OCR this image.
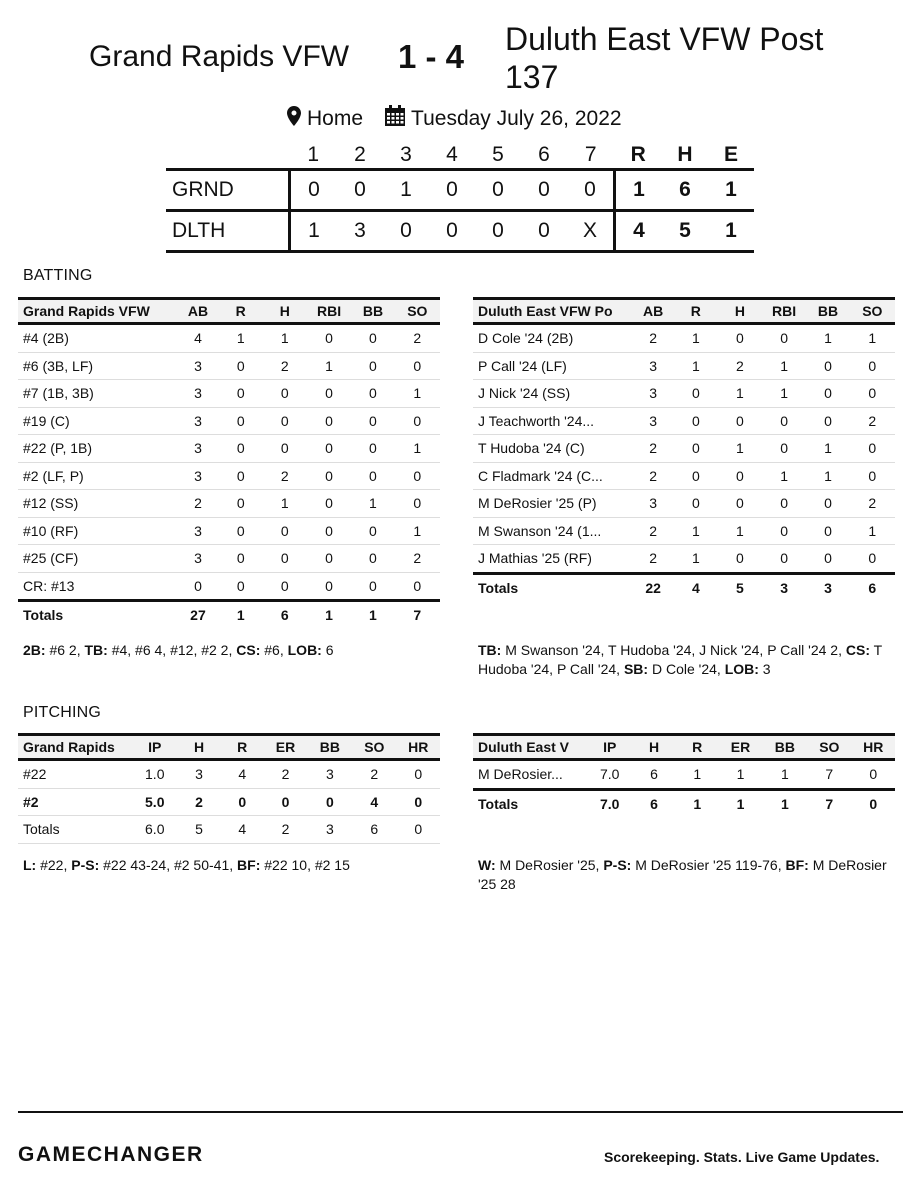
Grand Rapids VFW 1 - 4 Duluth East VFW Post 137
Home Tuesday July 26, 2022
	1	2	3	4	5	6	7	R	H	E
GRND	0	0	1	0	0	0	0	1	6	1
DLTH	1	3	0	0	0	0	X	4	5	1
BATTING
Grand Rapids VFW	AB	R	H	RBI	BB	SO
#4 (2B)	4	1	1	0	0	2
#6 (3B, LF)	3	0	2	1	0	0
#7 (1B, 3B)	3	0	0	0	0	1
#19 (C)	3	0	0	0	0	0
#22 (P, 1B)	3	0	0	0	0	1
#2 (LF, P)	3	0	2	0	0	0
#12 (SS)	2	0	1	0	1	0
#10 (RF)	3	0	0	0	0	1
#25 (CF)	3	0	0	0	0	2
CR: #13	0	0	0	0	0	0
Totals	27	1	6	1	1	7
Duluth East VFW Po	AB	R	H	RBI	BB	SO
D Cole '24 (2B)	2	1	0	0	1	1
P Call '24 (LF)	3	1	2	1	0	0
J Nick '24 (SS)	3	0	1	1	0	0
J Teachworth '24...	3	0	0	0	0	2
T Hudoba '24 (C)	2	0	1	0	1	0
C Fladmark '24 (C...	2	0	0	1	1	0
M DeRosier '25 (P)	3	0	0	0	0	2
M Swanson '24 (1...	2	1	1	0	0	1
J Mathias '25 (RF)	2	1	0	0	0	0
Totals	22	4	5	3	3	6
2B: #6 2, TB: #4, #6 4, #12, #2 2, CS: #6, LOB: 6	TB: M Swanson '24, T Hudoba '24, J Nick '24, P Call '24 2, CS: T Hudoba '24, P Call '24, SB: D Cole '24, LOB: 3
PITCHING
Grand Rapids	IP	H	R	ER	BB	SO	HR
#22	1.0	3	4	2	3	2	0
#2	5.0	2	0	0	0	4	0
Totals	6.0	5	4	2	3	6	0
Duluth East V	IP	H	R	ER	BB	SO	HR
M DeRosier...	7.0	6	1	1	1	7	0
Totals	7.0	6	1	1	1	7	0
L: #22, P-S: #22 43-24, #2 50-41, BF: #22 10, #2 15	W: M DeRosier '25, P-S: M DeRosier '25 119-76, BF: M DeRosier '25 28
GAMECHANGER	Scorekeeping. Stats. Live Game Updates.
